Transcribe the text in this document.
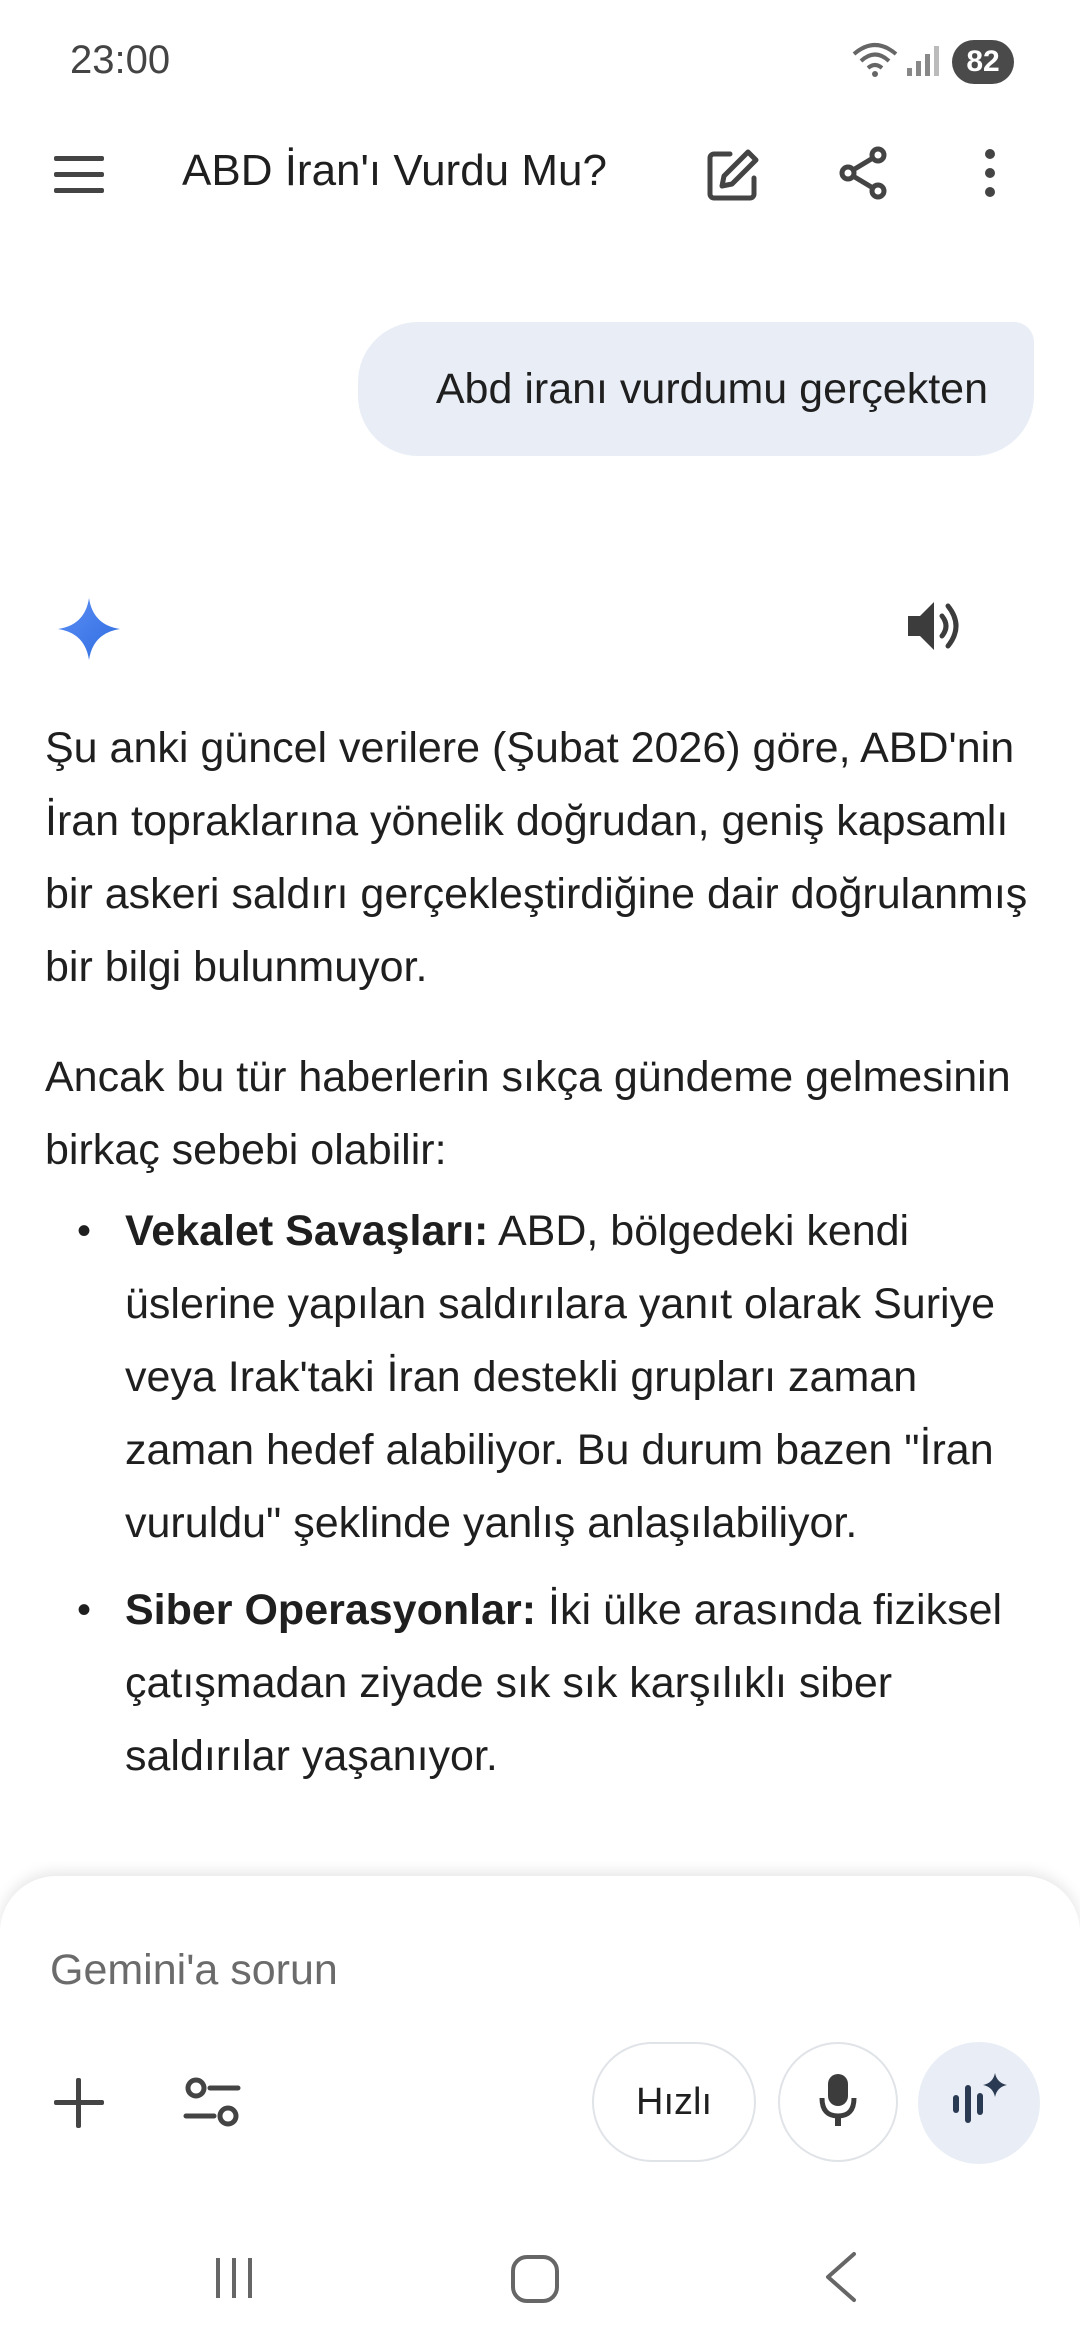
23:00	82
ABD İran'ı Vurdu Mu?
Abd iranı vurdumu gerçekten

Şu anki güncel verilere (Şubat 2026) göre, ABD'nin İran topraklarına yönelik doğrudan, geniş kapsamlı bir askeri saldırı gerçekleştirdiğine dair doğrulanmış bir bilgi bulunmuyor.

Ancak bu tür haberlerin sıkça gündeme gelmesinin birkaç sebebi olabilir:

• Vekalet Savaşları: ABD, bölgedeki kendi üslerine yapılan saldırılara yanıt olarak Suriye veya Irak'taki İran destekli grupları zaman zaman hedef alabiliyor. Bu durum bazen "İran vuruldu" şeklinde yanlış anlaşılabiliyor.
• Siber Operasyonlar: İki ülke arasında fiziksel çatışmadan ziyade sık sık karşılıklı siber saldırılar yaşanıyor.
Gemini'a sorun
Hızlı
